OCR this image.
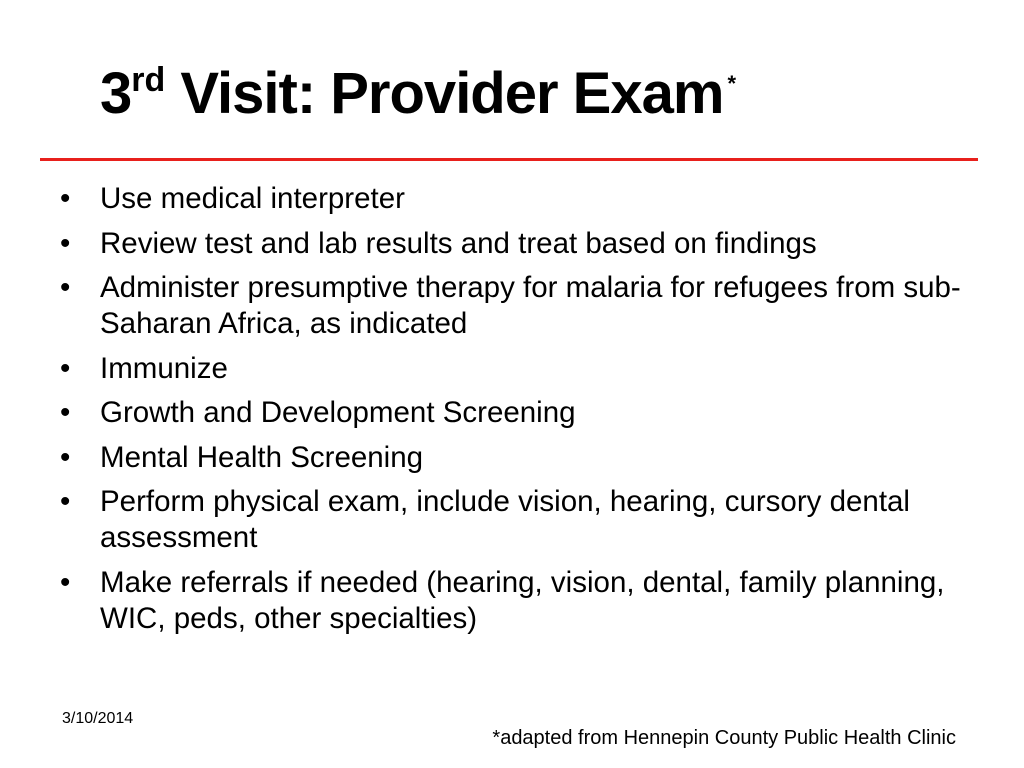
3rd Visit: Provider Exam *
• Use medical interpreter
• Review test and lab results and treat based on findings
• Administer presumptive therapy for malaria for refugees from sub-Saharan Africa, as indicated
• Immunize
• Growth and Development Screening
• Mental Health Screening
• Perform physical exam, include vision, hearing, cursory dental assessment
• Make referrals if needed (hearing, vision, dental, family planning, WIC, peds, other specialties)
3/10/2014
*adapted from Hennepin County Public Health Clinic
